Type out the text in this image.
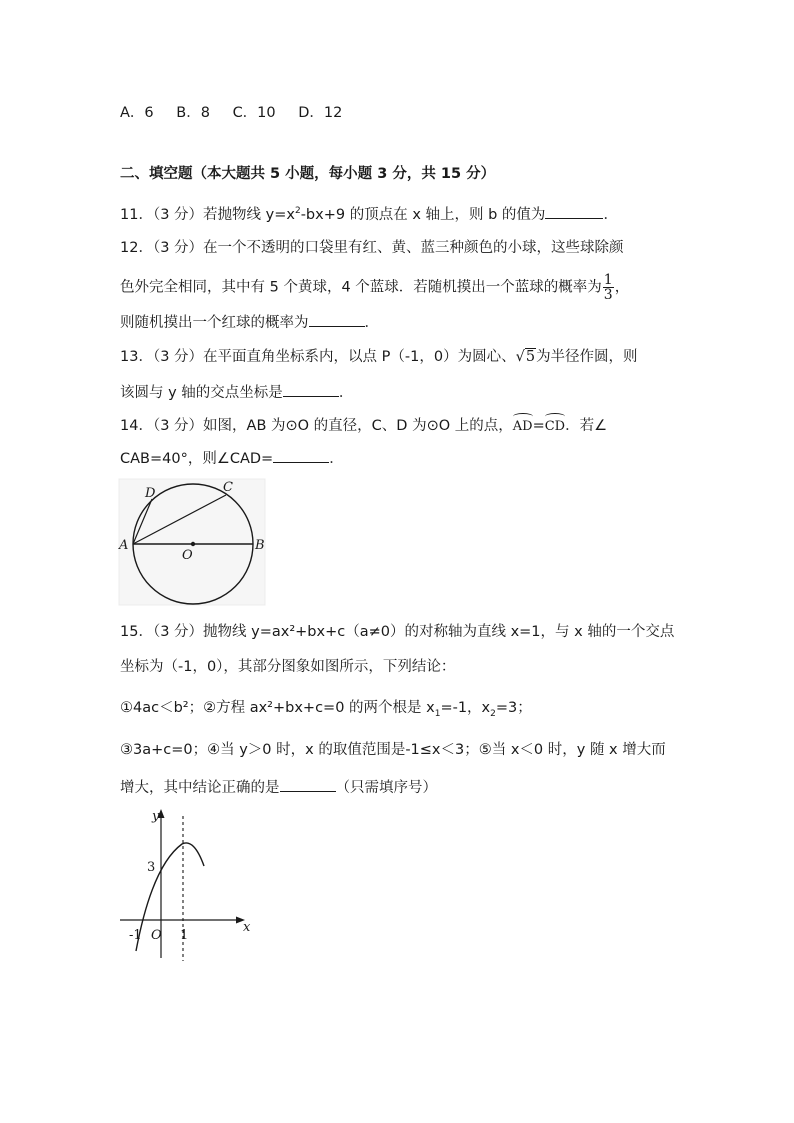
A．6 B．8 C．10 D．12
二、填空题（本大题共 5 小题，每小题 3 分，共 15 分）
11．（3 分）若抛物线 $y=x^2-bx+9$ 的顶点在 x 轴上，则 b 的值为	．
12．（3 分）在一个不透明的口袋里有红、黄、蓝三种颜色的小球，这些球除颜
色外完全相同，其中有 5 个黄球，4 个蓝球．若随机摸出一个蓝球的概率为 $\frac{1}{3}$ ，
则随机摸出一个红球的概率为	．
13．（3 分）在平面直角坐标系内，以点 P（-1，0）为圆心、√5为半径作圆，则
该圆与 y 轴的交点坐标是	．
14．（3 分）如图，AB 为⊙O 的直径，C、D 为⊙O 上的点，AD=CD．若∠
CAB=40°，则∠CAD=	．
A	B
C
D
O
15．（3 分）抛物线 y=ax²+bx+c（a≠0）的对称轴为直线 x=1，与 x 轴的一个交点
坐标为（-1，0），其部分图象如图所示，下列结论：
①4ac＜b²；②方程 ax²+bx+c=0 的两个根是 $x_1=-1$，$x_2=3$；
③3a+c=0；④当 y＞0 时，x 的取值范围是-1≤x＜3；⑤当 x＜0 时，y 随 x 增大而
增大，其中结论正确的是	（只需填序号）
y
x
3
-1 O 1
